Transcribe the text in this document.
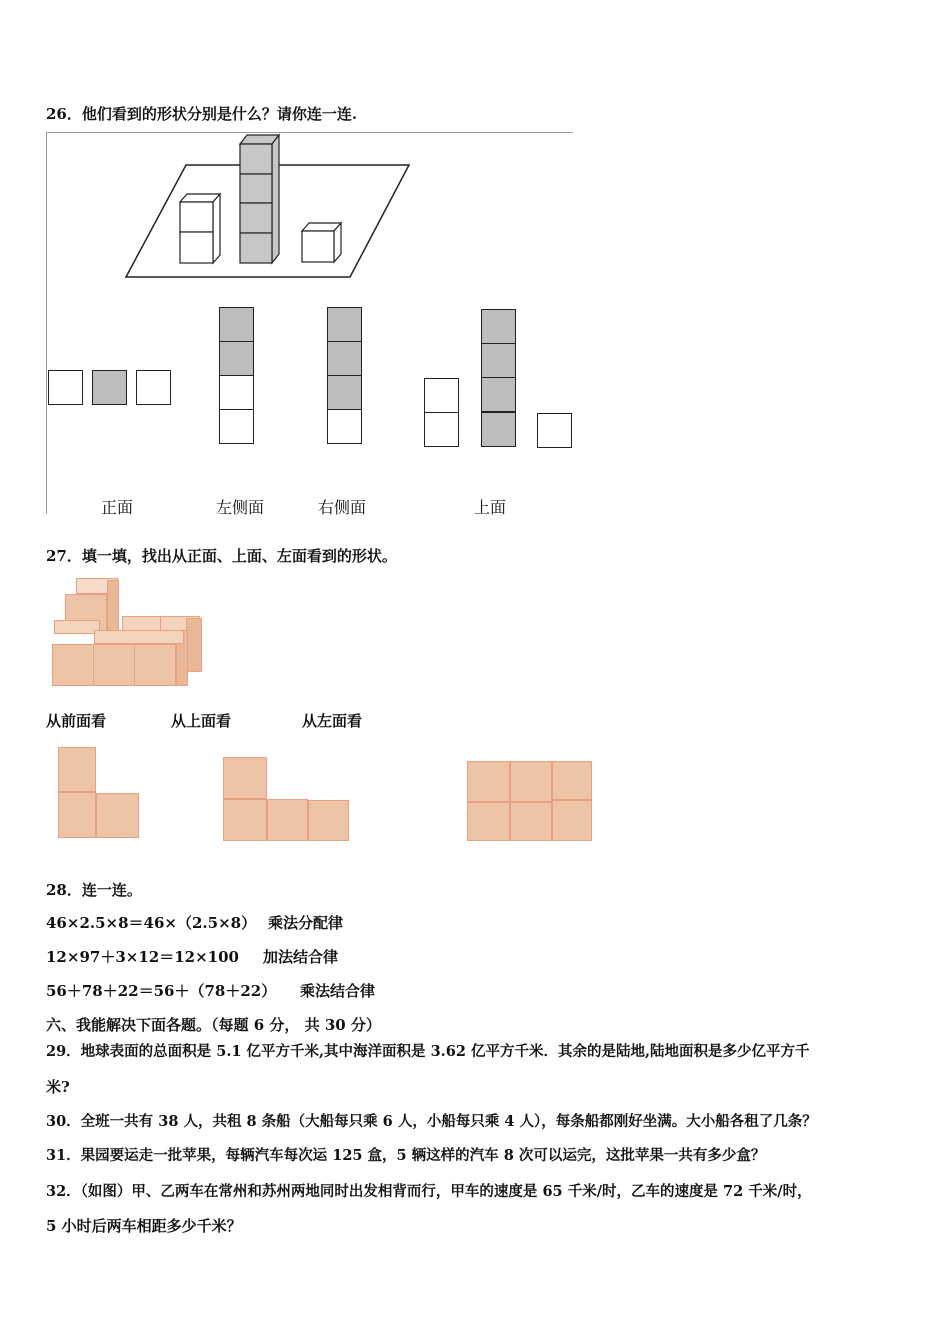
26．他们看到的形状分别是什么？请你连一连.
正面	左侧面	右侧面	上面
27．填一填，找出从正面、上面、左面看到的形状。
从前面看	从上面看	从左面看
28．连一连。
46×2.5×8＝46×（2.5×8） 乘法分配律
12×97＋3×12＝12×100 加法结合律
56＋78＋22＝56＋（78＋22） 乘法结合律
六、我能解决下面各题。（每题 6 分， 共 30 分）
29．地球表面的总面积是 5.1 亿平方千米,其中海洋面积是 3.62 亿平方千米．其余的是陆地,陆地面积是多少亿平方千
米?
30．全班一共有 38 人，共租 8 条船（大船每只乘 6 人，小船每只乘 4 人），每条船都刚好坐满。大小船各租了几条？
31．果园要运走一批苹果，每辆汽车每次运 125 盒，5 辆这样的汽车 8 次可以运完，这批苹果一共有多少盒？
32．（如图）甲、乙两车在常州和苏州两地同时出发相背而行，甲车的速度是 65 千米/时，乙车的速度是 72 千米/时，
5 小时后两车相距多少千米？
